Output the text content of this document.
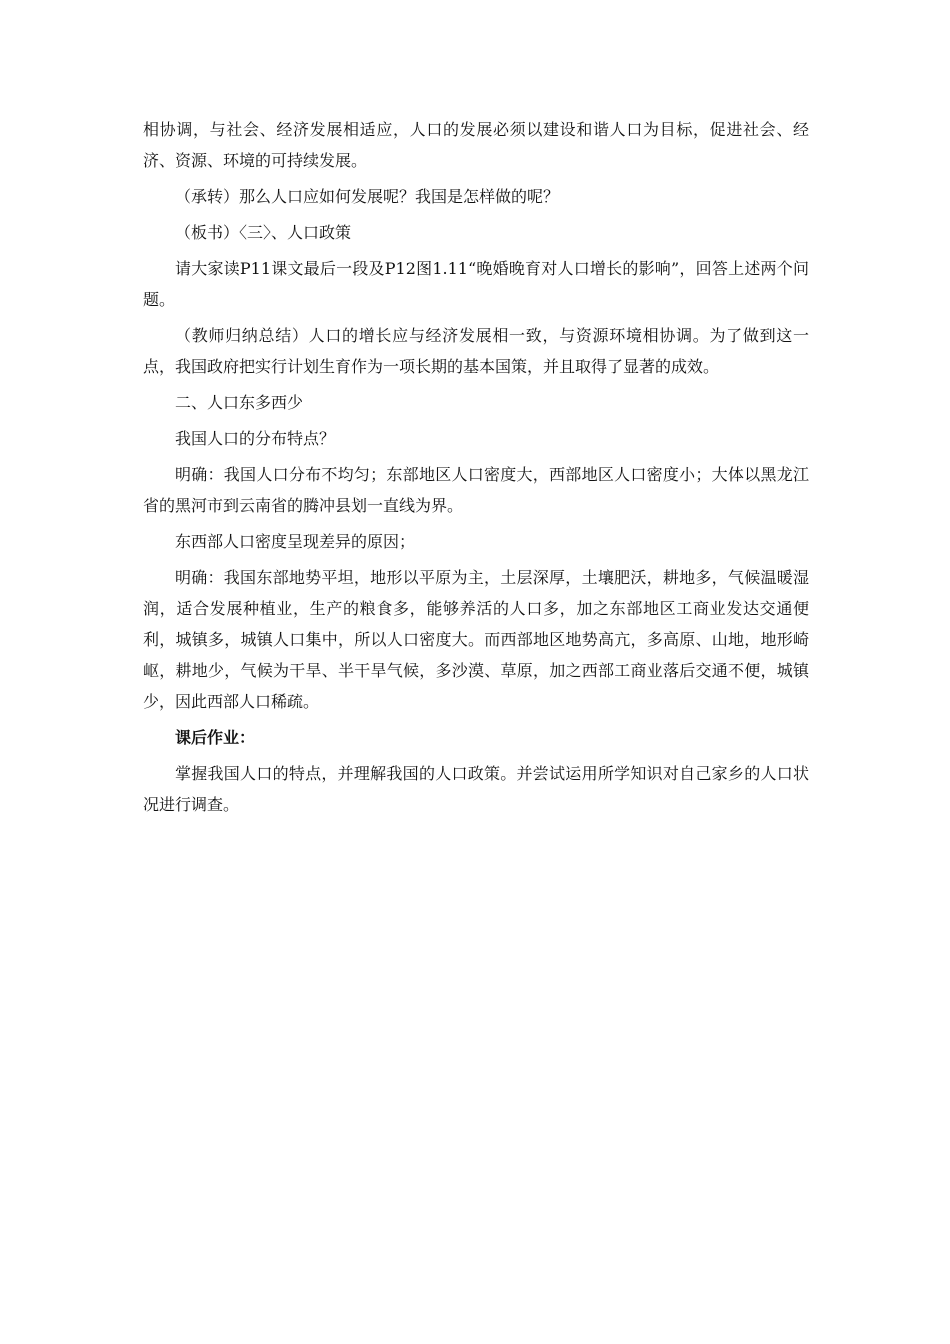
相协调，与社会、经济发展相适应，人口的发展必须以建设和谐人口为目标，促进社会、经济、资源、环境的可持续发展。

（承转）那么人口应如何发展呢？我国是怎样做的呢？

（板书）〈三〉、人口政策

请大家读P11课文最后一段及P12图1.11“晚婚晚育对人口增长的影响”，回答上述两个问题。

（教师归纳总结）人口的增长应与经济发展相一致，与资源环境相协调。为了做到这一点，我国政府把实行计划生育作为一项长期的基本国策，并且取得了显著的成效。

二、人口东多西少

我国人口的分布特点？

明确：我国人口分布不均匀；东部地区人口密度大，西部地区人口密度小；大体以黑龙江省的黑河市到云南省的腾冲县划一直线为界。

东西部人口密度呈现差异的原因；

明确：我国东部地势平坦，地形以平原为主，土层深厚，土壤肥沃，耕地多，气候温暖湿润，适合发展种植业，生产的粮食多，能够养活的人口多，加之东部地区工商业发达交通便利，城镇多，城镇人口集中，所以人口密度大。而西部地区地势高亢，多高原、山地，地形崎岖，耕地少，气候为干旱、半干旱气候，多沙漠、草原，加之西部工商业落后交通不便，城镇少，因此西部人口稀疏。

课后作业：

掌握我国人口的特点，并理解我国的人口政策。并尝试运用所学知识对自己家乡的人口状况进行调查。
